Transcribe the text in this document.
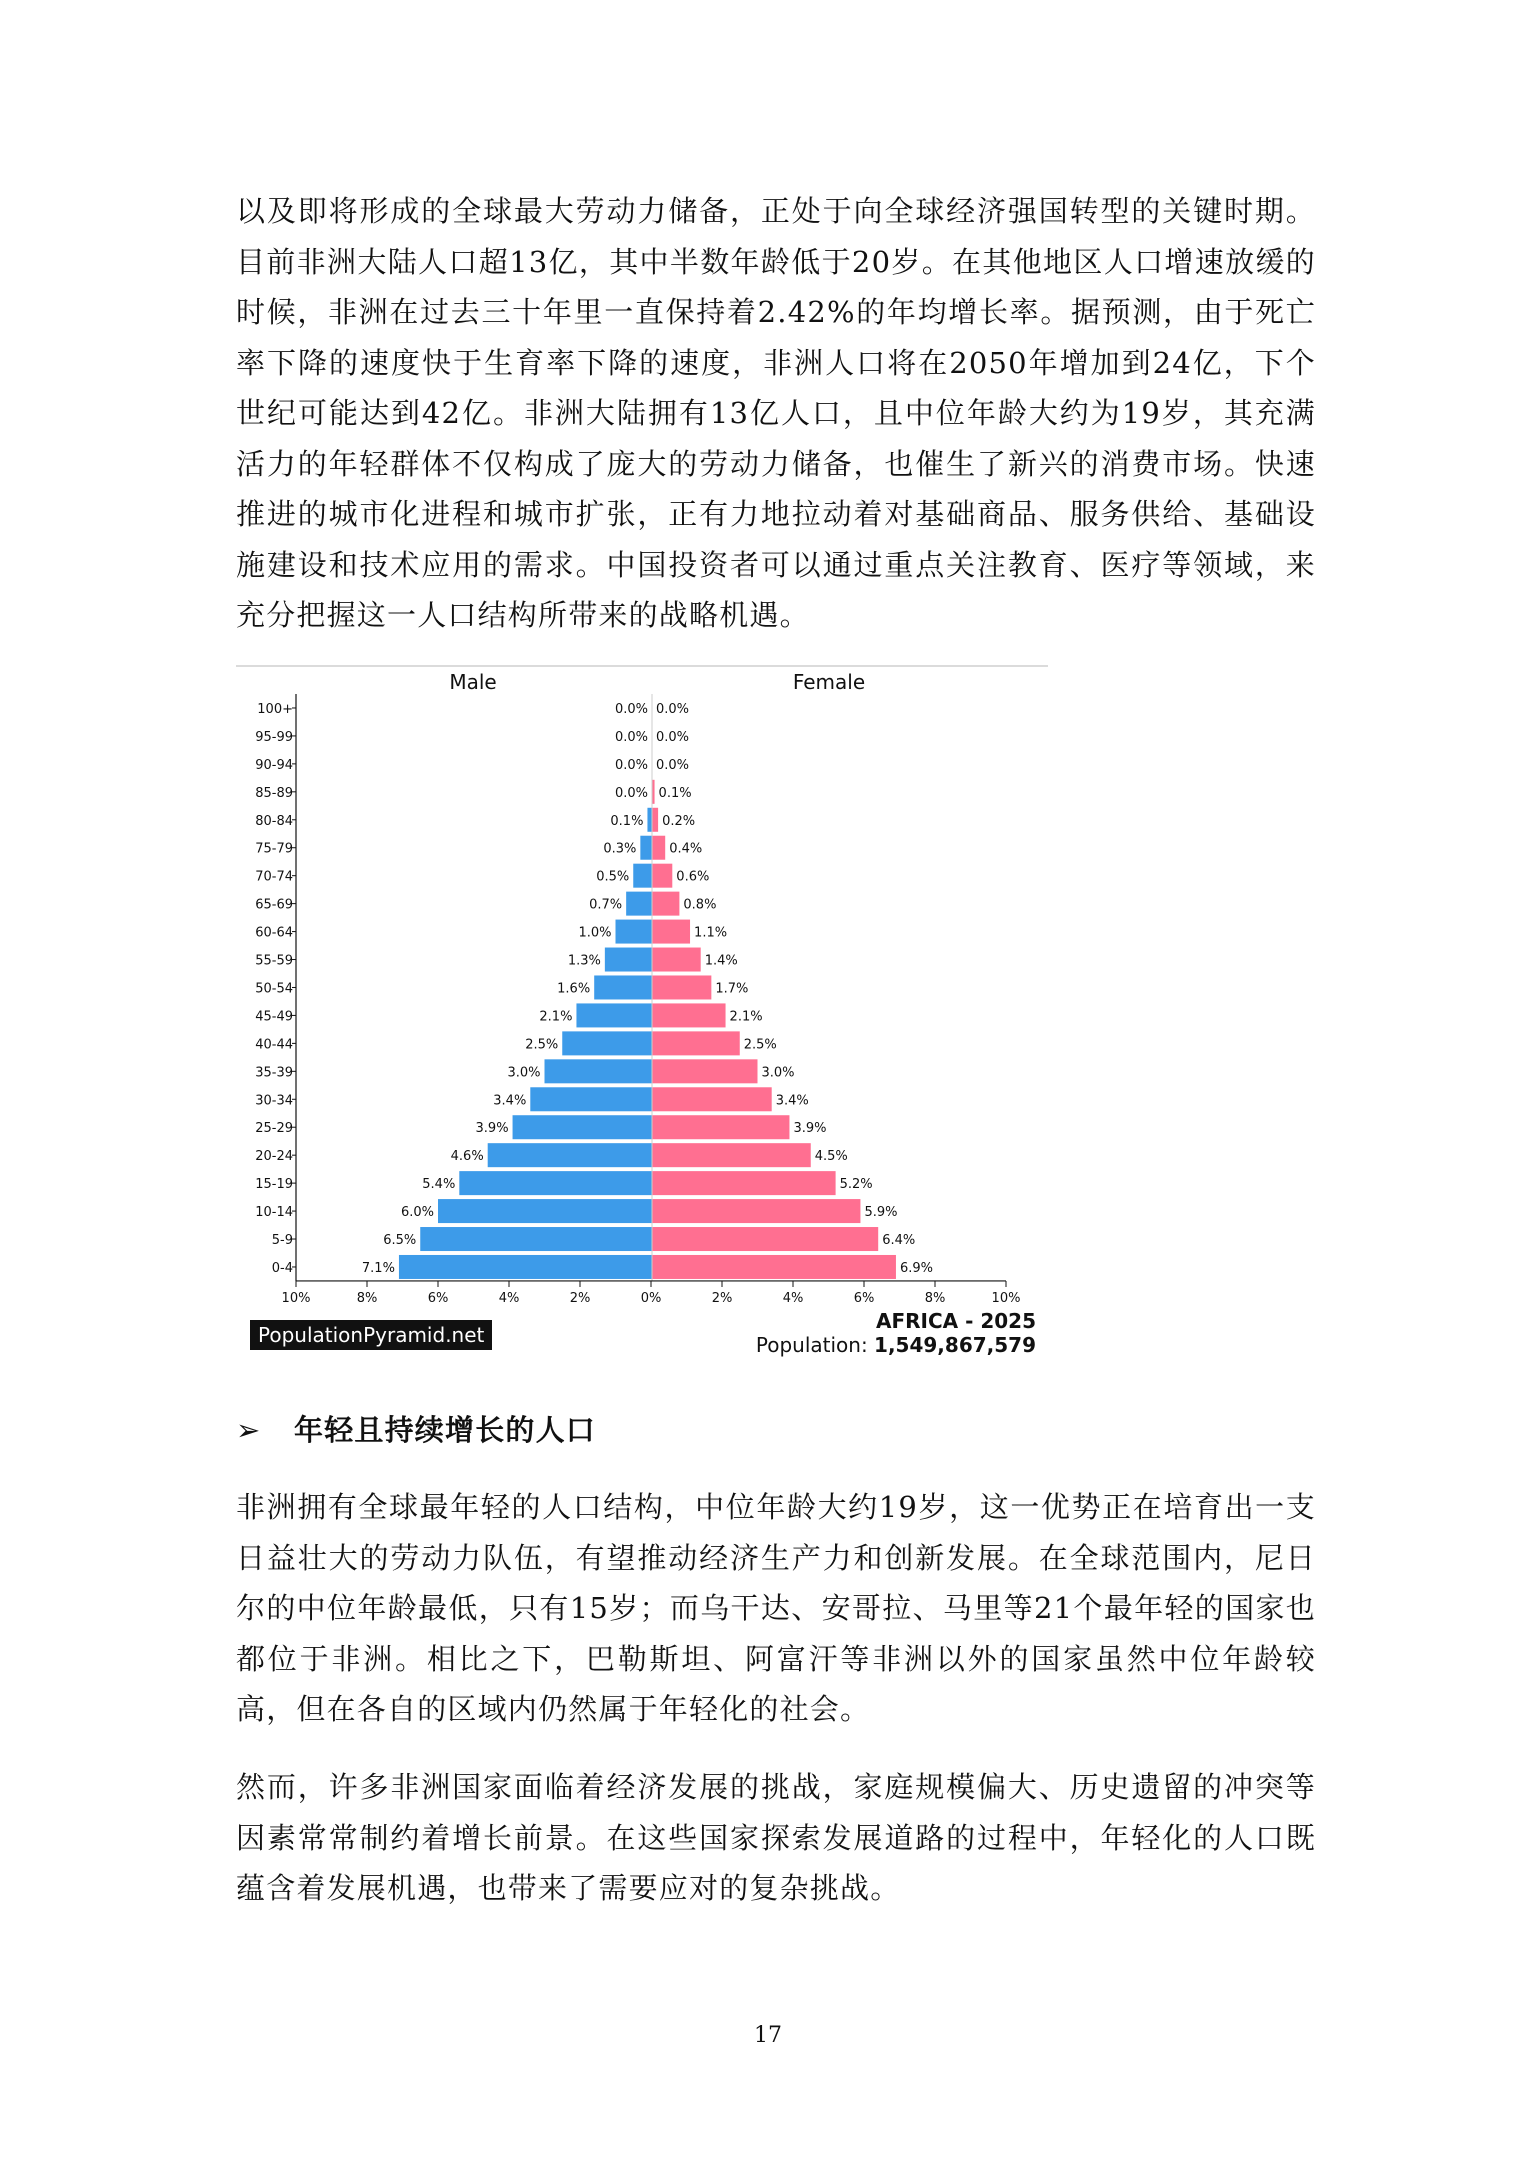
以及即将形成的全球最大劳动力储备，正处于向全球经济强国转型的关键时期。目前非洲大陆人口超13亿，其中半数年龄低于20岁。在其他地区人口增速放缓的时候，非洲在过去三十年里一直保持着2.42%的年均增长率。据预测，由于死亡率下降的速度快于生育率下降的速度，非洲人口将在2050年增加到24亿，下个世纪可能达到42亿。非洲大陆拥有13亿人口，且中位年龄大约为19岁，其充满活力的年轻群体不仅构成了庞大的劳动力储备，也催生了新兴的消费市场。快速推进的城市化进程和城市扩张，正有力地拉动着对基础商品、服务供给、基础设施建设和技术应用的需求。中国投资者可以通过重点关注教育、医疗等领域，来充分把握这一人口结构所带来的战略机遇。

Male	Female
100+	0.0% 0.0%
95-99	0.0% 0.0%
90-94	0.0% 0.0%
85-89	0.0% 0.1%
80-84	0.1% 0.2%
75-79	0.3%	0.4%
70-74	0.5%	0.6%
65-69	0.7%	0.8%
60-64	1.0%	1.1%
55-59	1.3%	1.4%
50-54	1.6%	1.7%
45-49	2.1%	2.1%
40-44	2.5%	2.5%
35-39	3.0%	3.0%
30-34	3.4%	3.4%
25-29	3.9%	3.9%
20-24	4.6%	4.5%
15-19	5.4%	5.2%
10-14	6.0%	5.9%
5-9	6.5%	6.4%
0-4	7.1%	6.9%
10%	8%	6%	4%	2%	0%	2%	4%	6%	8%	10%
PopulationPyramid.net
AFRICA - 2025
Population: 1,549,867,579
➢ 年轻且持续增长的人口

非洲拥有全球最年轻的人口结构，中位年龄大约19岁，这一优势正在培育出一支日益壮大的劳动力队伍，有望推动经济生产力和创新发展。在全球范围内，尼日尔的中位年龄最低，只有15岁；而乌干达、安哥拉、马里等21个最年轻的国家也都位于非洲。相比之下，巴勒斯坦、阿富汗等非洲以外的国家虽然中位年龄较高，但在各自的区域内仍然属于年轻化的社会。

然而，许多非洲国家面临着经济发展的挑战，家庭规模偏大、历史遗留的冲突等因素常常制约着增长前景。在这些国家探索发展道路的过程中，年轻化的人口既蕴含着发展机遇，也带来了需要应对的复杂挑战。

17
